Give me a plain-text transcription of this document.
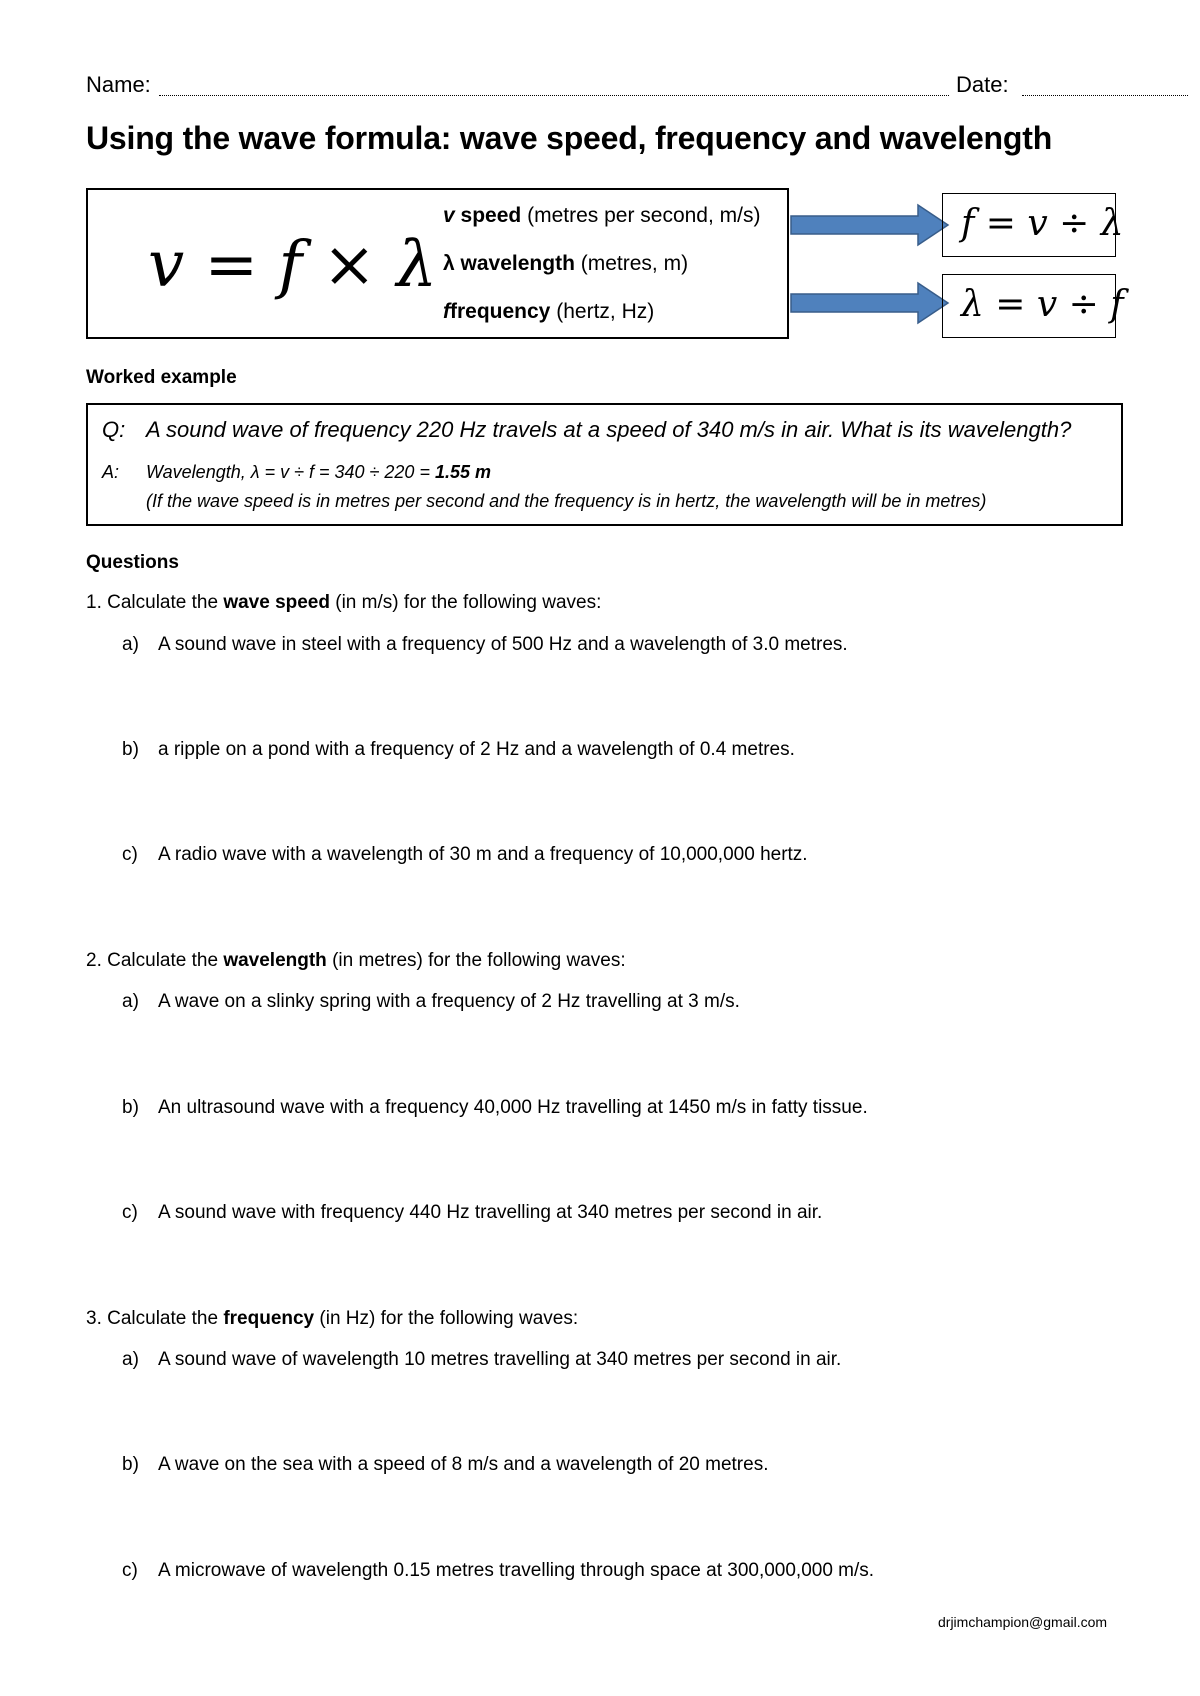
Name:	Date:
Using the wave formula: wave speed, frequency and wavelength
v = f × λ
v speed (metres per second, m/s)
λ wavelength (metres, m)
ffrequency (hertz, Hz)
f = v ÷ λ
λ = v ÷ f
Worked example
Q: A sound wave of frequency 220 Hz travels at a speed of 340 m/s in air. What is its wavelength?
A: Wavelength, λ = v ÷ f = 340 ÷ 220 = 1.55 m
(If the wave speed is in metres per second and the frequency is in hertz, the wavelength will be in metres)
Questions
1. Calculate the wave speed (in m/s) for the following waves:
a) A sound wave in steel with a frequency of 500 Hz and a wavelength of 3.0 metres.
b) a ripple on a pond with a frequency of 2 Hz and a wavelength of 0.4 metres.
c) A radio wave with a wavelength of 30 m and a frequency of 10,000,000 hertz.
2. Calculate the wavelength (in metres) for the following waves:
a) A wave on a slinky spring with a frequency of 2 Hz travelling at 3 m/s.
b) An ultrasound wave with a frequency 40,000 Hz travelling at 1450 m/s in fatty tissue.
c) A sound wave with frequency 440 Hz travelling at 340 metres per second in air.
3. Calculate the frequency (in Hz) for the following waves:
a) A sound wave of wavelength 10 metres travelling at 340 metres per second in air.
b) A wave on the sea with a speed of 8 m/s and a wavelength of 20 metres.
c) A microwave of wavelength 0.15 metres travelling through space at 300,000,000 m/s.
drjimchampion@gmail.com
